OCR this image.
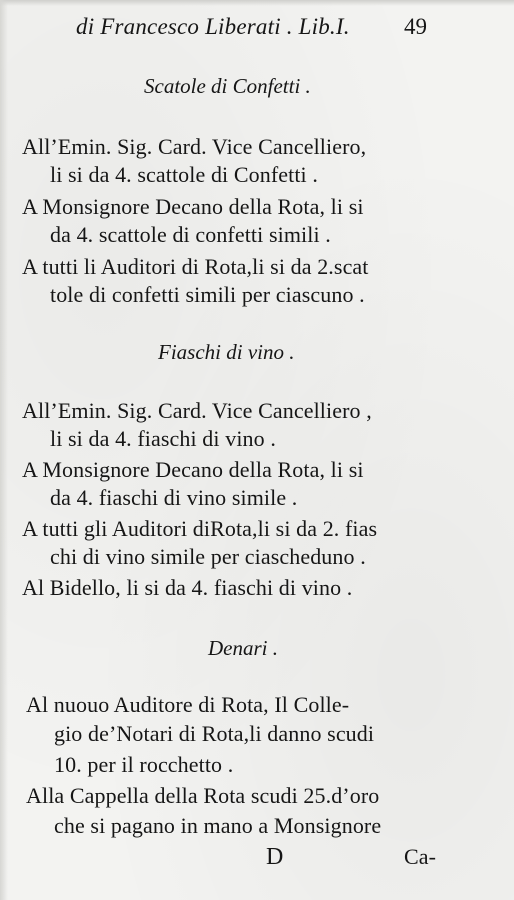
di Francesco Liberati . Lib.I. 49
Scatole di Confetti .
All’Emin. Sig. Card. Vice Cancelliero,
li si da 4. scattole di Confetti .
A Monsignore Decano della Rota, li si
da 4. scattole di confetti simili .
A tutti li Auditori di Rota,li si da 2.scat
tole di confetti simili per ciascuno .
Fiaschi di vino .
All’Emin. Sig. Card. Vice Cancelliero ,
li si da 4. fiaschi di vino .
A Monsignore Decano della Rota, li si
da 4. fiaschi di vino simile .
A tutti gli Auditori diRota,li si da 2. fias
chi di vino simile per ciascheduno .
Al Bidello, li si da 4. fiaschi di vino .
Denari .
Al nuouo Auditore di Rota, Il Colle-
gio de’Notari di Rota,li danno scudi
10. per il rocchetto .
Alla Cappella della Rota scudi 25.d’oro
che si pagano in mano a Monsignore
D	Ca-
